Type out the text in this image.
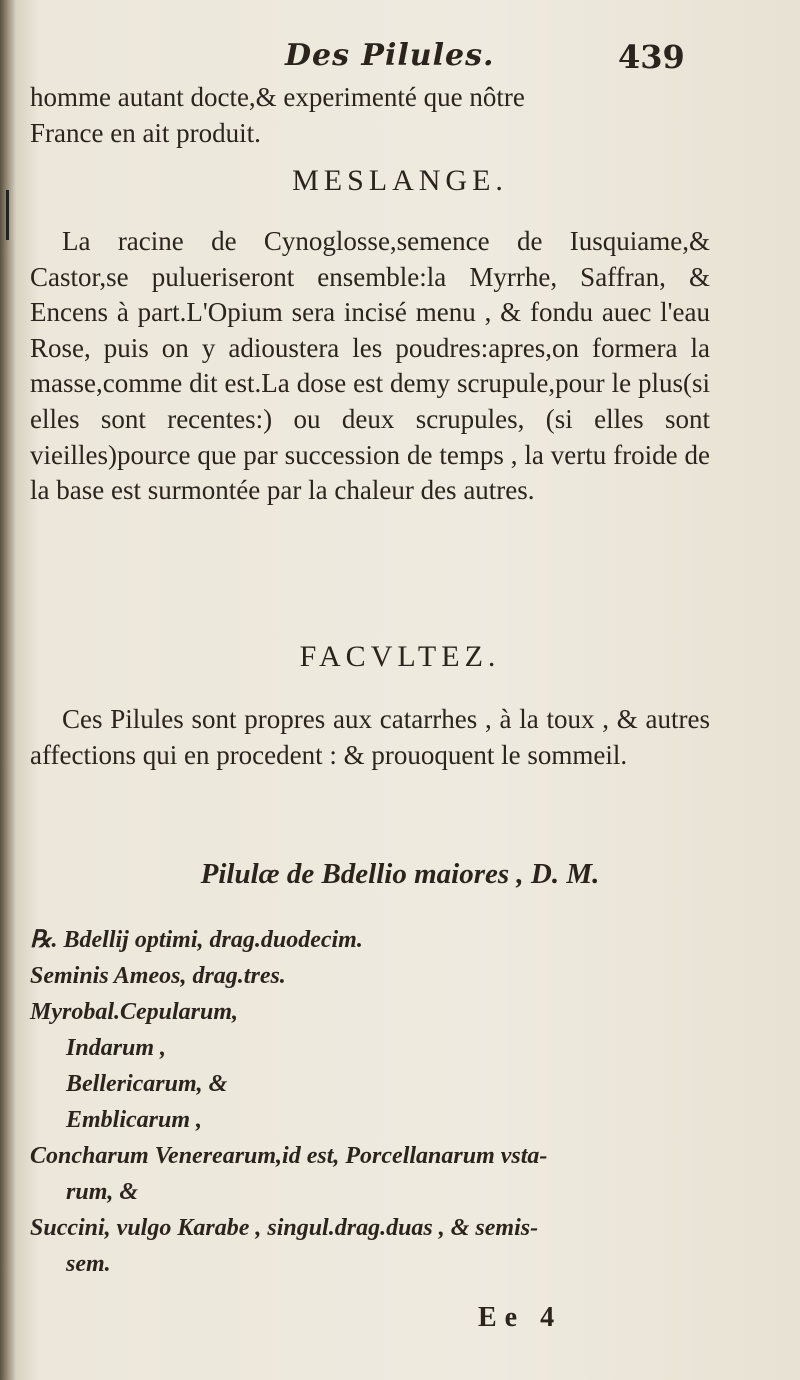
Des Pilules.	439

homme autant docte,& experimenté que nôtre

France en ait produit.

MESLANGE.

La racine de Cynoglosse,semence de Iusquiame,& Castor,se pulueriseront ensemble:la Myrrhe, Saffran, & Encens à part.L'Opium sera incisé menu , & fondu auec l'eau Rose, puis on y adioustera les poudres:apres,on formera la masse,comme dit est.La dose est demy scrupule,pour le plus(si elles sont recentes:) ou deux scrupules, (si elles sont vieilles)pource que par succession de temps , la vertu froide de la base est surmontée par la chaleur des autres.

FACVLTEZ.

Ces Pilules sont propres aux catarrhes , à la toux , & autres affections qui en procedent : & prouoquent le sommeil.

Pilulæ de Bdellio maiores , D. M.
℞. Bdellij optimi, drag.duodecim.
Seminis Ameos, drag.tres.
Myrobal.Cepularum,
Indarum ,
Bellericarum, &
Emblicarum ,
Concharum Venerearum,id est, Porcellanarum vsta-
rum, &
Succini, vulgo Karabe , singul.drag.duas , & semis-
sem.
Ee 4
